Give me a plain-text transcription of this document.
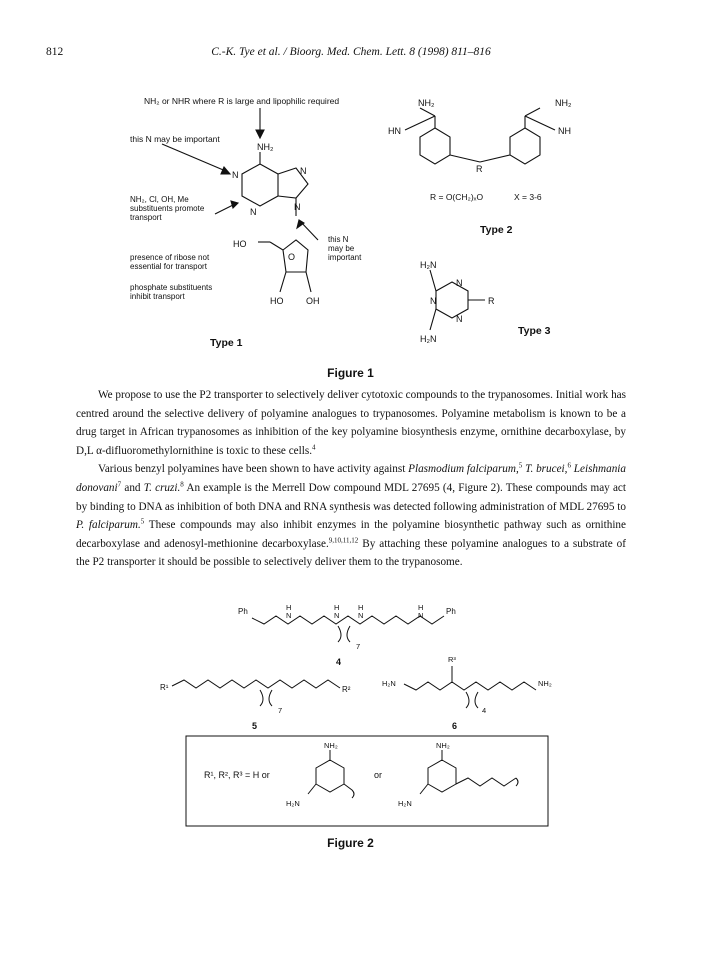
812	C.-K. Tye et al. / Bioorg. Med. Chem. Lett. 8 (1998) 811–816
NH₂ or NHR where R is large and lipophilic required
this N may be important
NH₂
N	N
N	N
NH₂, Cl, OH, Me
substituents promote
transport
HO
O
presence of ribose not
essential for transport
this N
may be
important
phosphate substituents
inhibit transport	HO	OH
Type 1
NH₂	NH₂
HN	NH
R
R = O(CH₂)ₓO	X = 3-6
Type 2
H₂N
H₂N
N
N
N
R
Type 3
Figure 1

We propose to use the P2 transporter to selectively deliver cytotoxic compounds to the trypanosomes. Initial work has centred around the selective delivery of polyamine analogues to trypanosomes. Polyamine metabolism is known to be a drug target in African trypanosomes as inhibition of the key polyamine biosynthesis enzyme, ornithine decarboxylase, by D,L α-difluoromethylornithine is toxic to these cells.$^4$

Various benzyl polyamines have been shown to have activity against Plasmodium falciparum,$^5$ T. brucei,$^6$ Leishmania donovani$^7$ and T. cruzi.$^8$ An example is the Merrell Dow compound MDL 27695 (4, Figure 2). These compounds may act by binding to DNA as inhibition of both DNA and RNA synthesis was detected following administration of MDL 27695 to P. falciparum.$^5$ These compounds may also inhibit enzymes in the polyamine biosynthetic pathway such as ornithine decarboxylase and adenosyl-methionine decarboxylase.$^{9,10,11,12}$ By attaching these polyamine analogues to a substrate of the P2 transporter it should be possible to selectively deliver them to the trypanosome.

Ph	Ph
H
N
H
N
H
N
H
N
7
4
R¹	R²
7
5
H₂N	NH₂
R³
4
6
R¹, R², R³ = H or
NH₂
H₂N
or
NH₂
H₂N
Figure 2
